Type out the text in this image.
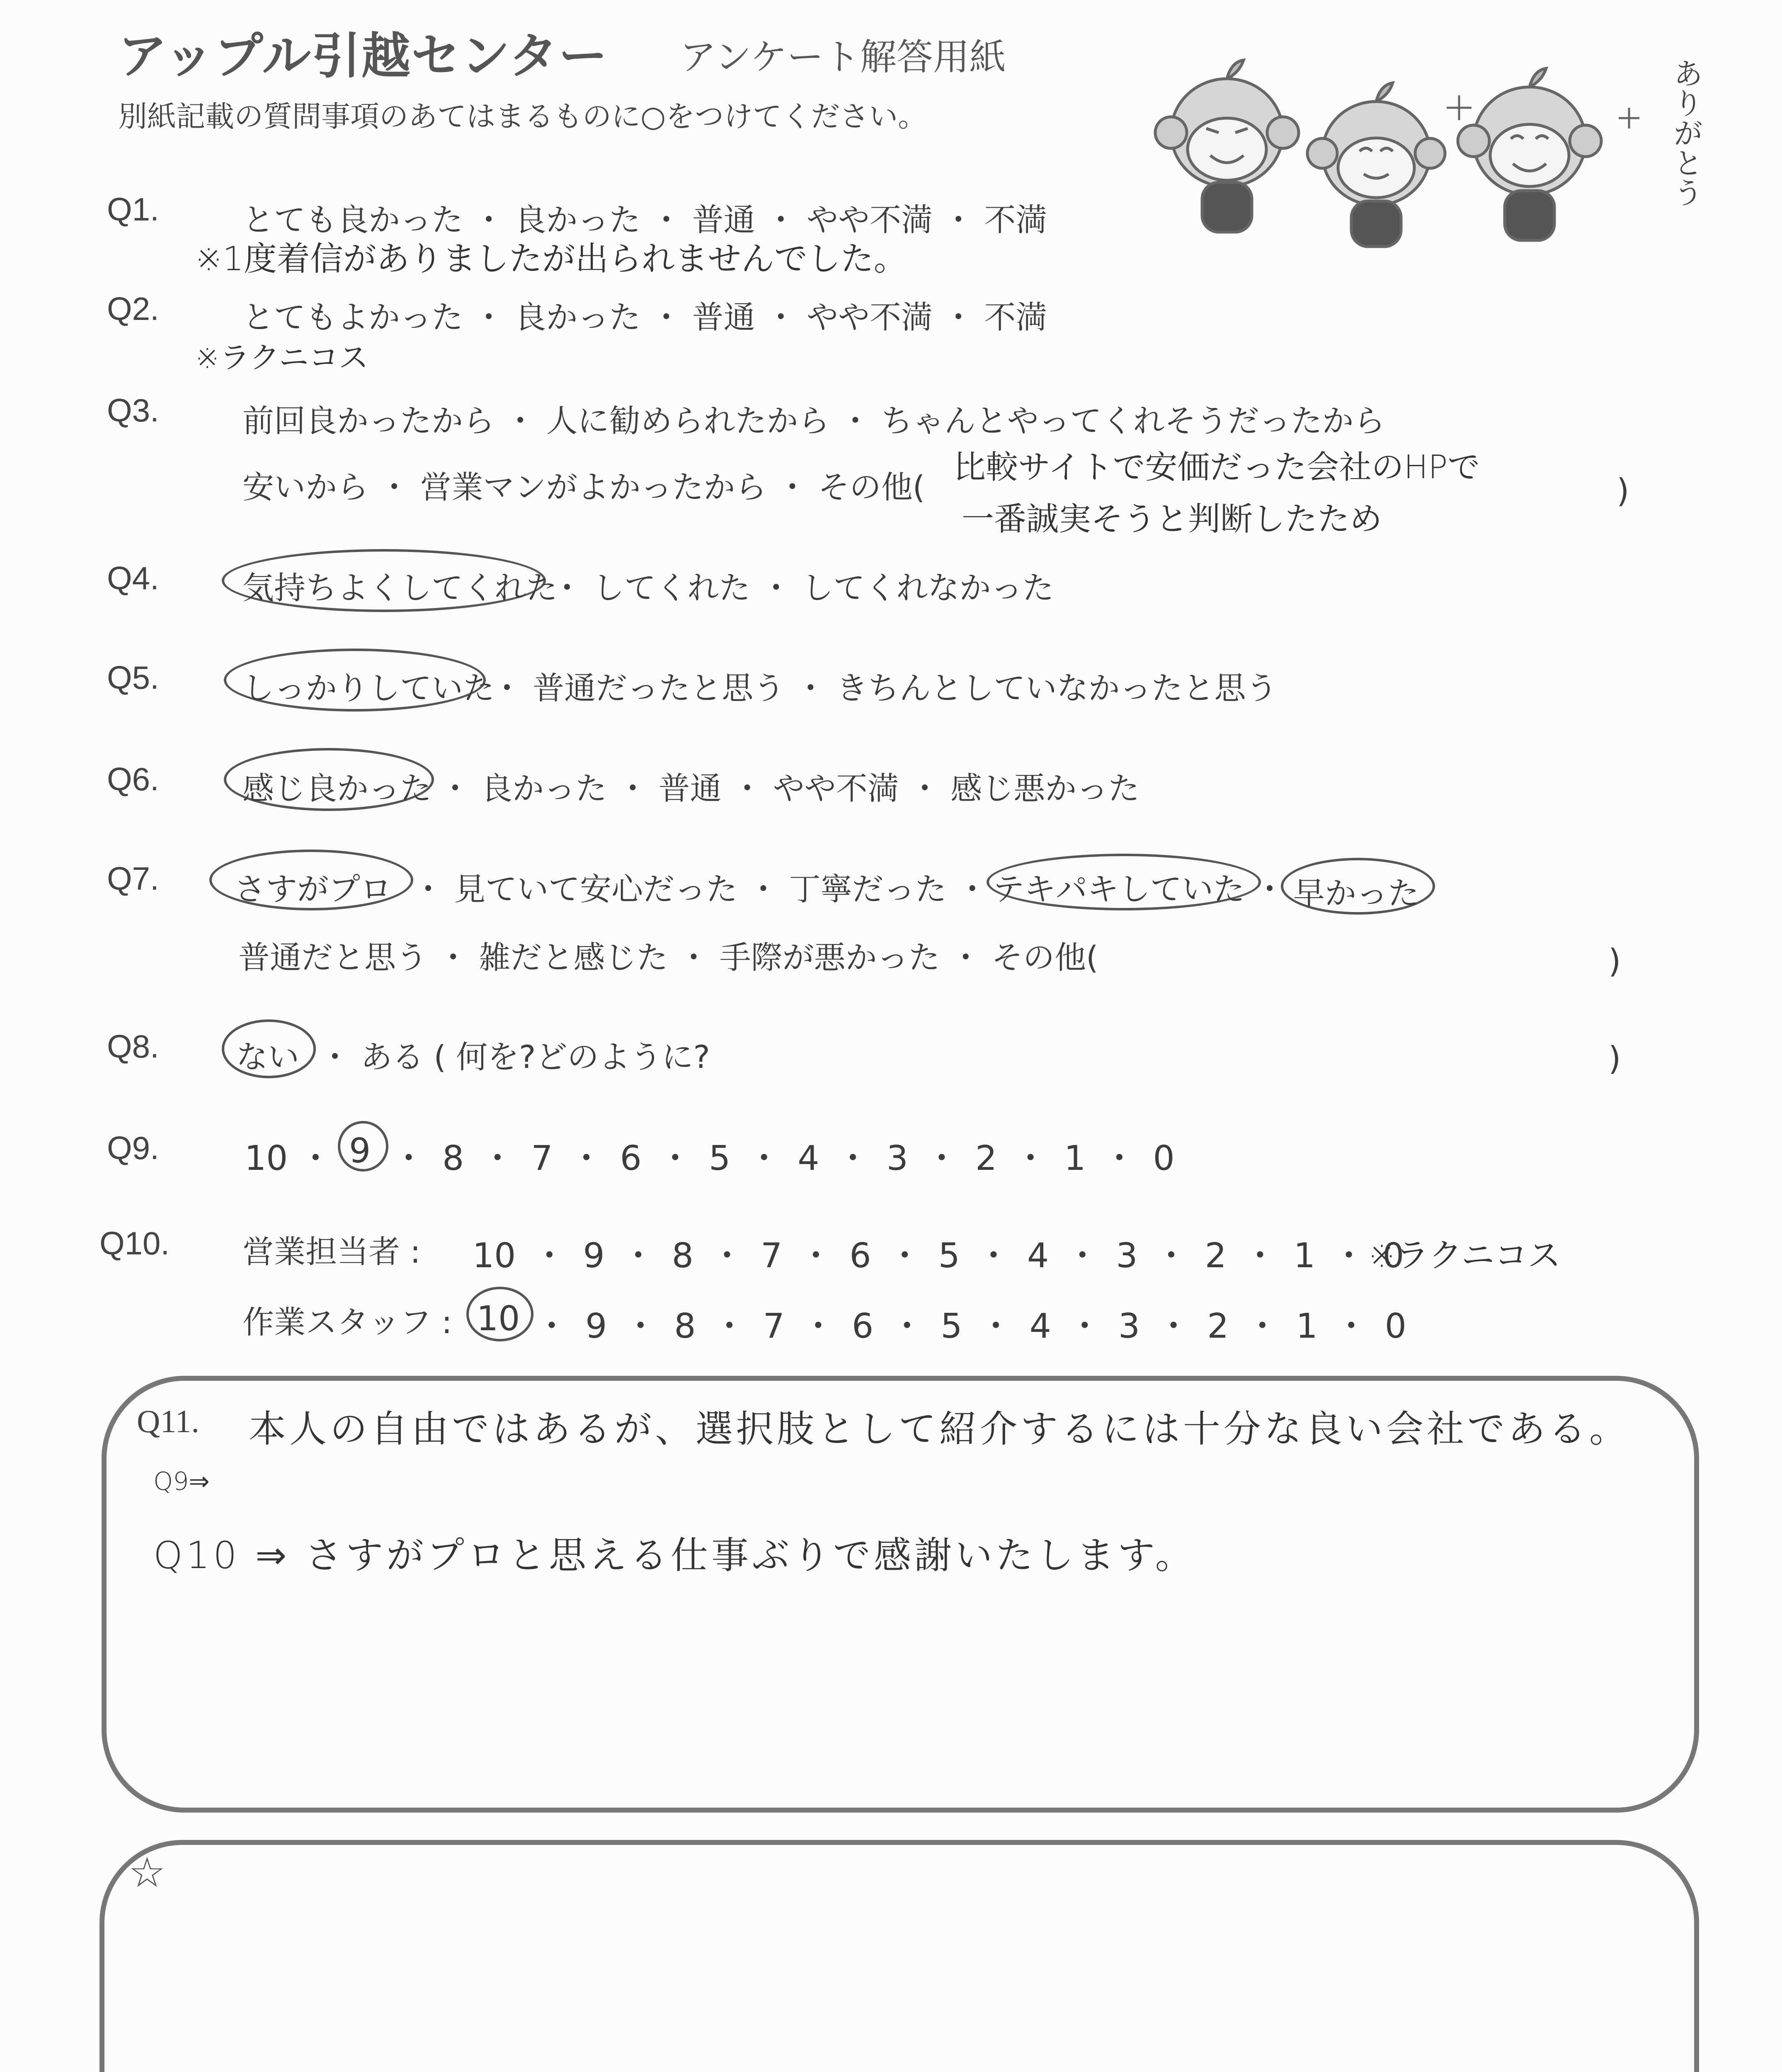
アップル引越センター アンケート解答用紙
別紙記載の質問事項のあてはまるものに○をつけてください。	ありがとう
Q1.	とても良かった ・ 良かった ・ 普通 ・ やや不満 ・ 不満
※1度着信がありましたが出られませんでした。
Q2.	とてもよかった ・ 良かった ・ 普通 ・ やや不満 ・ 不満
※ラクニコス
Q3.	前回良かったから ・ 人に勧められたから ・ ちゃんとやってくれそうだったから
安いから ・ 営業マンがよかったから ・ その他(
比較サイトで安価だった会社のHPで
一番誠実そうと判断したため
)
Q4.	気持ちよくしてくれた
・ してくれた ・ してくれなかった
Q5.	しっかりしていた
・ 普通だったと思う ・ きちんとしていなかったと思う
Q6.	感じ良かった ・ 良かった ・ 普通 ・ やや不満 ・ 感じ悪かった
Q7. さすがプロ ・ 見ていて安心だった ・ 丁寧だった ・ テキパキしていた ・ 早かった
普通だと思う ・ 雑だと感じた ・ 手際が悪かった ・ その他(	)
Q8. ない ・ ある ( 何を?どのように?	)
Q9.	10 ・ 9 ・ 8 ・ 7 ・ 6 ・ 5 ・ 4 ・ 3 ・ 2 ・ 1 ・ 0
Q10. 営業担当者 : 10 ・ 9 ・ 8 ・ 7 ・ 6 ・ 5 ・ 4 ・ 3 ・ 2 ・ 1 ・ 0
※ラクニコス
作業スタッフ : 10 ・ 9 ・ 8 ・ 7 ・ 6 ・ 5 ・ 4 ・ 3 ・ 2 ・ 1 ・ 0
Q11. 本人の自由ではあるが、選択肢として紹介するには十分な良い会社である。
Q9⇒
Q10 ⇒ さすがプロと思える仕事ぶりで感謝いたします。
☆
